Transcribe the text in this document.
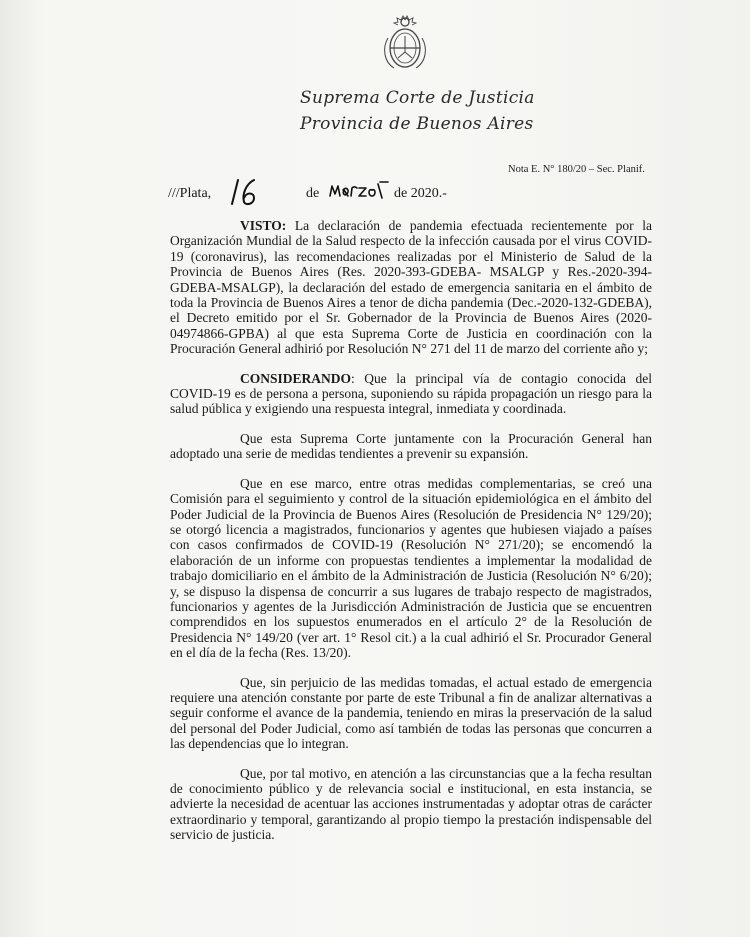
Suprema Corte de Justicia
Provincia de Buenos Aires
Nota E. N° 180/20 – Sec. Planif.
///Plata,	de	de 2020.-

VISTO: La declaración de pandemia efectuada recientemente por la Organización Mundial de la Salud respecto de la infección causada por el virus COVID-19 (coronavirus), las recomendaciones realizadas por el Ministerio de Salud de la Provincia de Buenos Aires (Res. 2020-393-GDEBA- MSALGP y Res.-2020-394-GDEBA-MSALGP), la declaración del estado de emergencia sanitaria en el ámbito de toda la Provincia de Buenos Aires a tenor de dicha pandemia (Dec.-2020-132-GDEBA), el Decreto emitido por el Sr. Gobernador de la Provincia de Buenos Aires (2020-04974866-GPBA) al que esta Suprema Corte de Justicia en coordinación con la Procuración General adhirió por Resolución N° 271 del 11 de marzo del corriente año y;

CONSIDERANDO: Que la principal vía de contagio conocida del COVID-19 es de persona a persona, suponiendo su rápida propagación un riesgo para la salud pública y exigiendo una respuesta integral, inmediata y coordinada.

Que esta Suprema Corte juntamente con la Procuración General han adoptado una serie de medidas tendientes a prevenir su expansión.

Que en ese marco, entre otras medidas complementarias, se creó una Comisión para el seguimiento y control de la situación epidemiológica en el ámbito del Poder Judicial de la Provincia de Buenos Aires (Resolución de Presidencia N° 129/20); se otorgó licencia a magistrados, funcionarios y agentes que hubiesen viajado a países con casos confirmados de COVID-19 (Resolución N° 271/20); se encomendó la elaboración de un informe con propuestas tendientes a implementar la modalidad de trabajo domiciliario en el ámbito de la Administración de Justicia (Resolución N° 6/20); y, se dispuso la dispensa de concurrir a sus lugares de trabajo respecto de magistrados, funcionarios y agentes de la Jurisdicción Administración de Justicia que se encuentren comprendidos en los supuestos enumerados en el artículo 2° de la Resolución de Presidencia N° 149/20 (ver art. 1° Resol cit.) a la cual adhirió el Sr. Procurador General en el día de la fecha (Res. 13/20).

Que, sin perjuicio de las medidas tomadas, el actual estado de emergencia requiere una atención constante por parte de este Tribunal a fin de analizar alternativas a seguir conforme el avance de la pandemia, teniendo en miras la preservación de la salud del personal del Poder Judicial, como así también de todas las personas que concurren a las dependencias que lo integran.

Que, por tal motivo, en atención a las circunstancias que a la fecha resultan de conocimiento público y de relevancia social e institucional, en esta instancia, se advierte la necesidad de acentuar las acciones instrumentadas y adoptar otras de carácter extraordinario y temporal, garantizando al propio tiempo la prestación indispensable del servicio de justicia.
